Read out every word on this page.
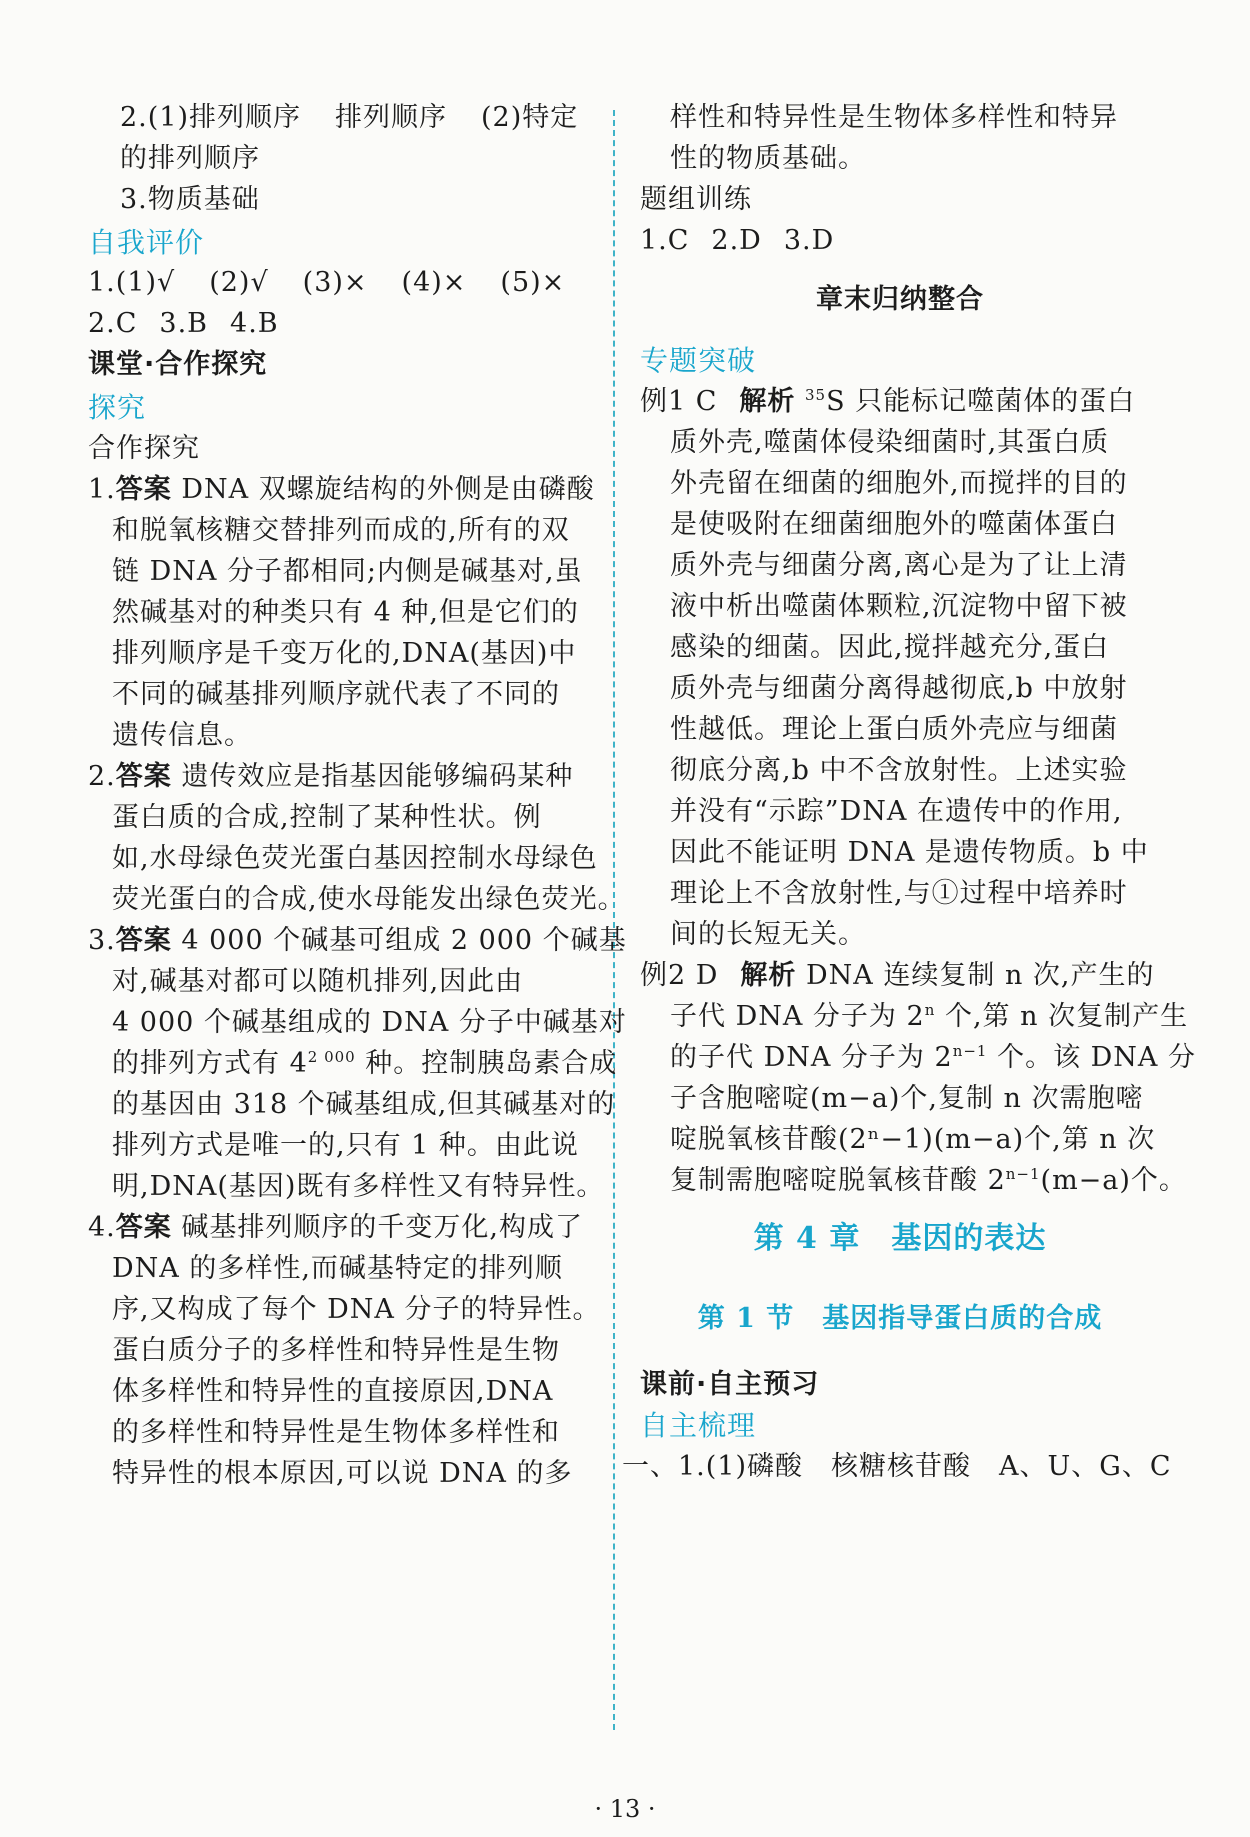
2.(1)排列顺序 排列顺序 (2)特定
的排列顺序
3.物质基础
自我评价
1.(1)√ (2)√ (3)× (4)× (5)×
2.C 3.B 4.B
课堂·合作探究
探究
合作探究
1.答案 DNA 双螺旋结构的外侧是由磷酸
和脱氧核糖交替排列而成的,所有的双
链 DNA 分子都相同;内侧是碱基对,虽
然碱基对的种类只有 4 种,但是它们的
排列顺序是千变万化的,DNA(基因)中
不同的碱基排列顺序就代表了不同的
遗传信息。
2.答案 遗传效应是指基因能够编码某种
蛋白质的合成,控制了某种性状。例
如,水母绿色荧光蛋白基因控制水母绿色
荧光蛋白的合成,使水母能发出绿色荧光。
3.答案 4 000 个碱基可组成 2 000 个碱基
对,碱基对都可以随机排列,因此由
4 000 个碱基组成的 DNA 分子中碱基对
的排列方式有 $4^{2 000}$ 种。控制胰岛素合成
的基因由 318 个碱基组成,但其碱基对的
排列方式是唯一的,只有 1 种。由此说
明,DNA(基因)既有多样性又有特异性。
4.答案 碱基排列顺序的千变万化,构成了
DNA 的多样性,而碱基特定的排列顺
序,又构成了每个 DNA 分子的特异性。
蛋白质分子的多样性和特异性是生物
体多样性和特异性的直接原因,DNA
的多样性和特异性是生物体多样性和
特异性的根本原因,可以说 DNA 的多
样性和特异性是生物体多样性和特异
性的物质基础。
题组训练
1.C 2.D 3.D
章末归纳整合
专题突破
例1 C 解析 $^{35}$S 只能标记噬菌体的蛋白
质外壳,噬菌体侵染细菌时,其蛋白质
外壳留在细菌的细胞外,而搅拌的目的
是使吸附在细菌细胞外的噬菌体蛋白
质外壳与细菌分离,离心是为了让上清
液中析出噬菌体颗粒,沉淀物中留下被
感染的细菌。因此,搅拌越充分,蛋白
质外壳与细菌分离得越彻底,b 中放射
性越低。理论上蛋白质外壳应与细菌
彻底分离,b 中不含放射性。上述实验
并没有“示踪”DNA 在遗传中的作用,
因此不能证明 DNA 是遗传物质。b 中
理论上不含放射性,与①过程中培养时
间的长短无关。
例2 D 解析 DNA 连续复制 n 次,产生的
子代 DNA 分子为 2$^n$ 个,第 n 次复制产生
的子代 DNA 分子为 $2^{n-1}$ 个。该 DNA 分
子含胞嘧啶(m−a)个,复制 n 次需胞嘧
啶脱氧核苷酸(2ⁿ−1)(m−a)个,第 n 次
复制需胞嘧啶脱氧核苷酸 $2^{n-1}(m-a)$个。
第 4 章　基因的表达
第 1 节　基因指导蛋白质的合成
课前·自主预习
自主梳理
一、1.(1)磷酸　核糖核苷酸　A、U、G、C
· 13 ·
